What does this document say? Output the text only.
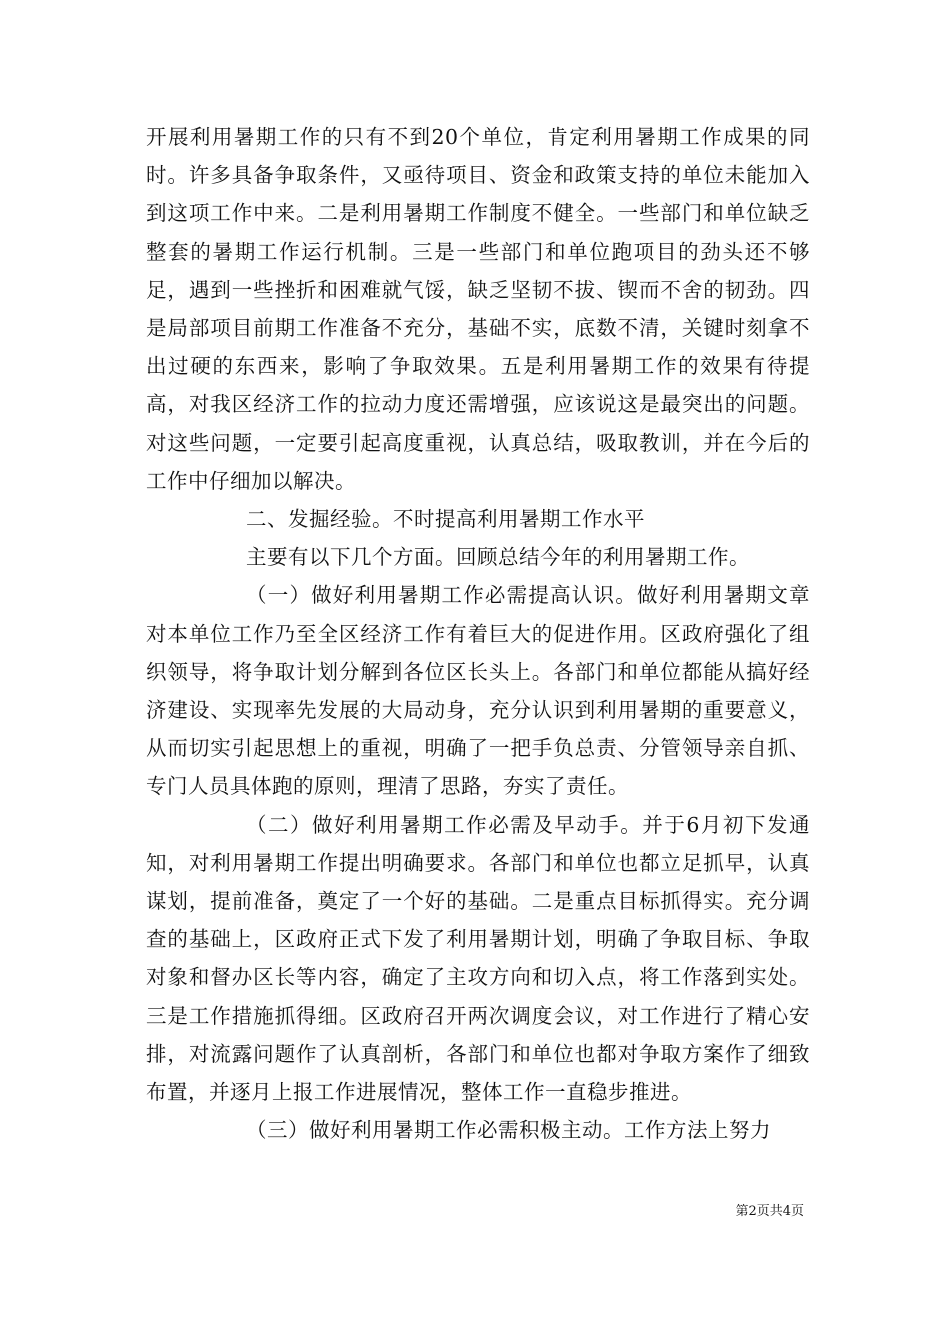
开展利用暑期工作的只有不到20个单位，肯定利用暑期工作成果的同时。许多具备争取条件，又亟待项目、资金和政策支持的单位未能加入到这项工作中来。二是利用暑期工作制度不健全。一些部门和单位缺乏整套的暑期工作运行机制。三是一些部门和单位跑项目的劲头还不够足，遇到一些挫折和困难就气馁，缺乏坚韧不拔、锲而不舍的韧劲。四是局部项目前期工作准备不充分，基础不实，底数不清，关键时刻拿不出过硬的东西来，影响了争取效果。五是利用暑期工作的效果有待提高，对我区经济工作的拉动力度还需增强，应该说这是最突出的问题。对这些问题，一定要引起高度重视，认真总结，吸取教训，并在今后的工作中仔细加以解决。

二、发掘经验。不时提高利用暑期工作水平

主要有以下几个方面。回顾总结今年的利用暑期工作。

（一）做好利用暑期工作必需提高认识。做好利用暑期文章对本单位工作乃至全区经济工作有着巨大的促进作用。区政府强化了组织领导，将争取计划分解到各位区长头上。各部门和单位都能从搞好经济建设、实现率先发展的大局动身，充分认识到利用暑期的重要意义，从而切实引起思想上的重视，明确了一把手负总责、分管领导亲自抓、专门人员具体跑的原则，理清了思路，夯实了责任。

（二）做好利用暑期工作必需及早动手。并于6月初下发通知，对利用暑期工作提出明确要求。各部门和单位也都立足抓早，认真谋划，提前准备，奠定了一个好的基础。二是重点目标抓得实。充分调查的基础上，区政府正式下发了利用暑期计划，明确了争取目标、争取对象和督办区长等内容，确定了主攻方向和切入点，将工作落到实处。三是工作措施抓得细。区政府召开两次调度会议，对工作进行了精心安排，对流露问题作了认真剖析，各部门和单位也都对争取方案作了细致布置，并逐月上报工作进展情况，整体工作一直稳步推进。

（三）做好利用暑期工作必需积极主动。工作方法上努力

第2页共4页
